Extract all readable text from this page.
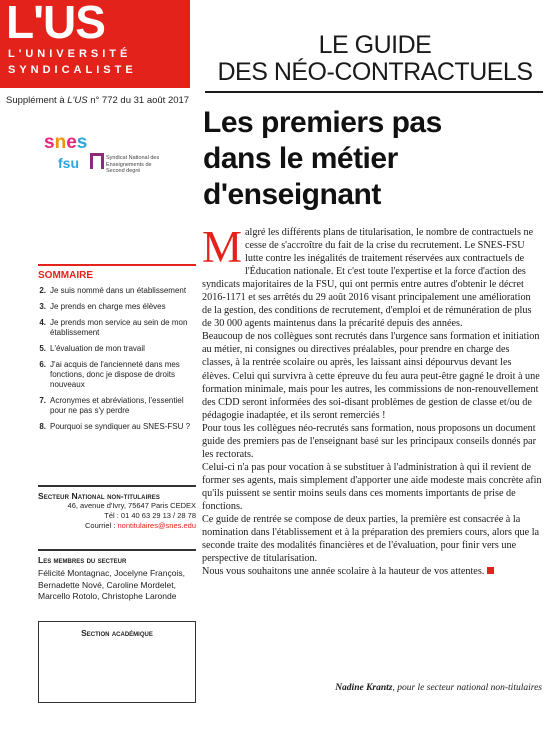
L'US
L'UNIVERSITÉ
SYNDICALISTE
Supplément à L'US n° 772 du 31 août 2017
snes
fsu	Syndicat National des Enseignements de Second degré
LE GUIDE
DES NÉO-CONTRACTUELS
Les premiers pas
dans le métier
d'enseignant
SOMMAIRE
2. Je suis nommé dans un établissement
3. Je prends en charge mes élèves
4. Je prends mon service au sein de mon établissement
5. L'évaluation de mon travail
6. J'ai acquis de l'ancienneté dans mes fonctions, donc je dispose de droits nouveaux
7. Acronymes et abréviations, l'essentiel pour ne pas s'y perdre
8. Pourquoi se syndiquer au SNES-FSU ?
Secteur National non-titulaires
46, avenue d'Ivry, 75647 Paris CEDEX
Tél : 01 40 63 29 13 / 28 78
Courriel : nontitulaires@snes.edu
Les membres du secteur
Félicité Montagnac, Jocelyne François,
Bernadette Nové, Caroline Mordelet,
Marcello Rotolo, Christophe Laronde
Section académique

Malgré les différents plans de titularisation, le nombre de contractuels ne cesse de s'accroître du fait de la crise du recrutement. Le SNES-FSU lutte contre les inégalités de traitement réservées aux contractuels de l'Éducation nationale. Et c'est toute l'expertise et la force d'action des syndicats majoritaires de la FSU, qui ont permis entre autres d'obtenir le décret 2016-1171 et ses arrêtés du 29 août 2016 visant principalement une amélioration de la gestion, des conditions de recrutement, d'emploi et de rémunération de plus de 30 000 agents maintenus dans la précarité depuis des années.

Beaucoup de nos collègues sont recrutés dans l'urgence sans formation et initiation au métier, ni consignes ou directives préalables, pour prendre en charge des classes, à la rentrée scolaire ou après, les laissant ainsi dépourvus devant les élèves. Celui qui survivra à cette épreuve du feu aura peut-être gagné le droit à une formation minimale, mais pour les autres, les commissions de non-renouvellement des CDD seront informées des soi-disant problèmes de gestion de classe et/ou de pédagogie inadaptée, et ils seront remerciés !

Pour tous les collègues néo-recrutés sans formation, nous proposons un document guide des premiers pas de l'enseignant basé sur les principaux conseils donnés par les rectorats.

Celui-ci n'a pas pour vocation à se substituer à l'administration à qui il revient de former ses agents, mais simplement d'apporter une aide modeste mais concrète afin qu'ils puissent se sentir moins seuls dans ces moments importants de prise de fonctions.

Ce guide de rentrée se compose de deux parties, la première est consacrée à la nomination dans l'établissement et à la préparation des premiers cours, alors que la seconde traite des modalités financières et de l'évaluation, pour finir vers une perspective de titularisation.

Nous vous souhaitons une année scolaire à la hauteur de vos attentes.

Nadine Krantz, pour le secteur national non-titulaires
